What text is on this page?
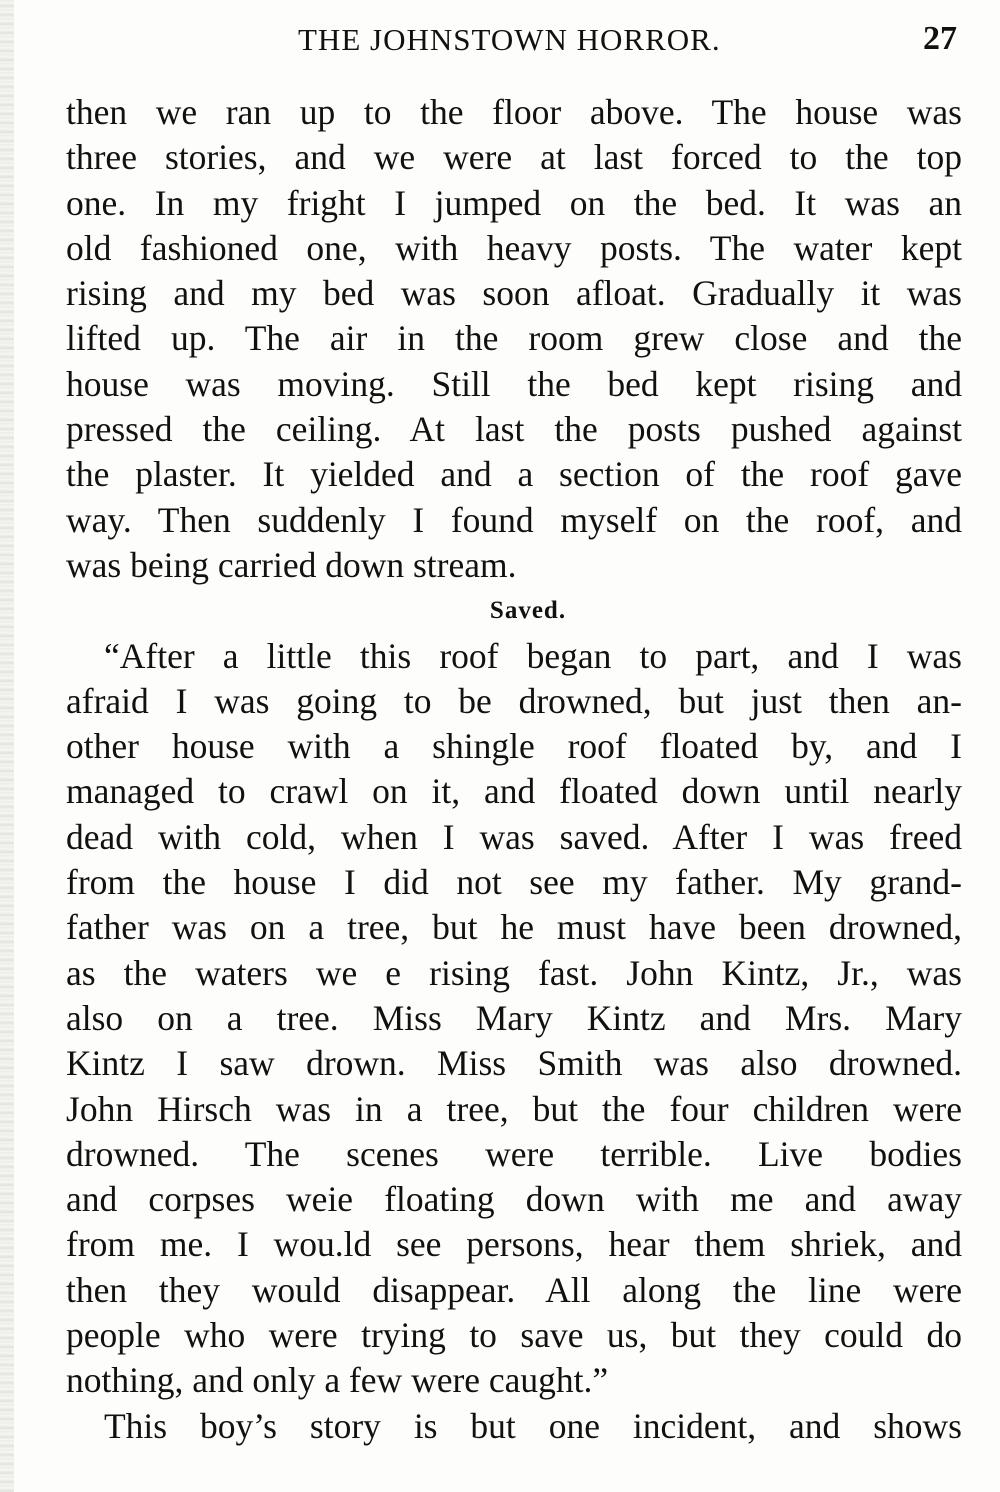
THE JOHNSTOWN HORROR.	27
then we ran up to the floor above. The house was
three stories, and we were at last forced to the top
one. In my fright I jumped on the bed. It was an
old fashioned one, with heavy posts. The water kept
rising and my bed was soon afloat. Gradually it was
lifted up. The air in the room grew close and the
house was moving. Still the bed kept rising and
pressed the ceiling. At last the posts pushed against
the plaster. It yielded and a section of the roof gave
way. Then suddenly I found myself on the roof, and
was being carried down stream.
Saved.
“After a little this roof began to part, and I was
afraid I was going to be drowned, but just then an-
other house with a shingle roof floated by, and I
managed to crawl on it, and floated down until nearly
dead with cold, when I was saved. After I was freed
from the house I did not see my father. My grand-
father was on a tree, but he must have been drowned,
as the waters we e rising fast. John Kintz, Jr., was
also on a tree. Miss Mary Kintz and Mrs. Mary
Kintz I saw drown. Miss Smith was also drowned.
John Hirsch was in a tree, but the four children were
drowned. The scenes were terrible. Live bodies
and corpses weie floating down with me and away
from me. I wou.ld see persons, hear them shriek, and
then they would disappear. All along the line were
people who were trying to save us, but they could do
nothing, and only a few were caught.”
This boy’s story is but one incident, and shows
